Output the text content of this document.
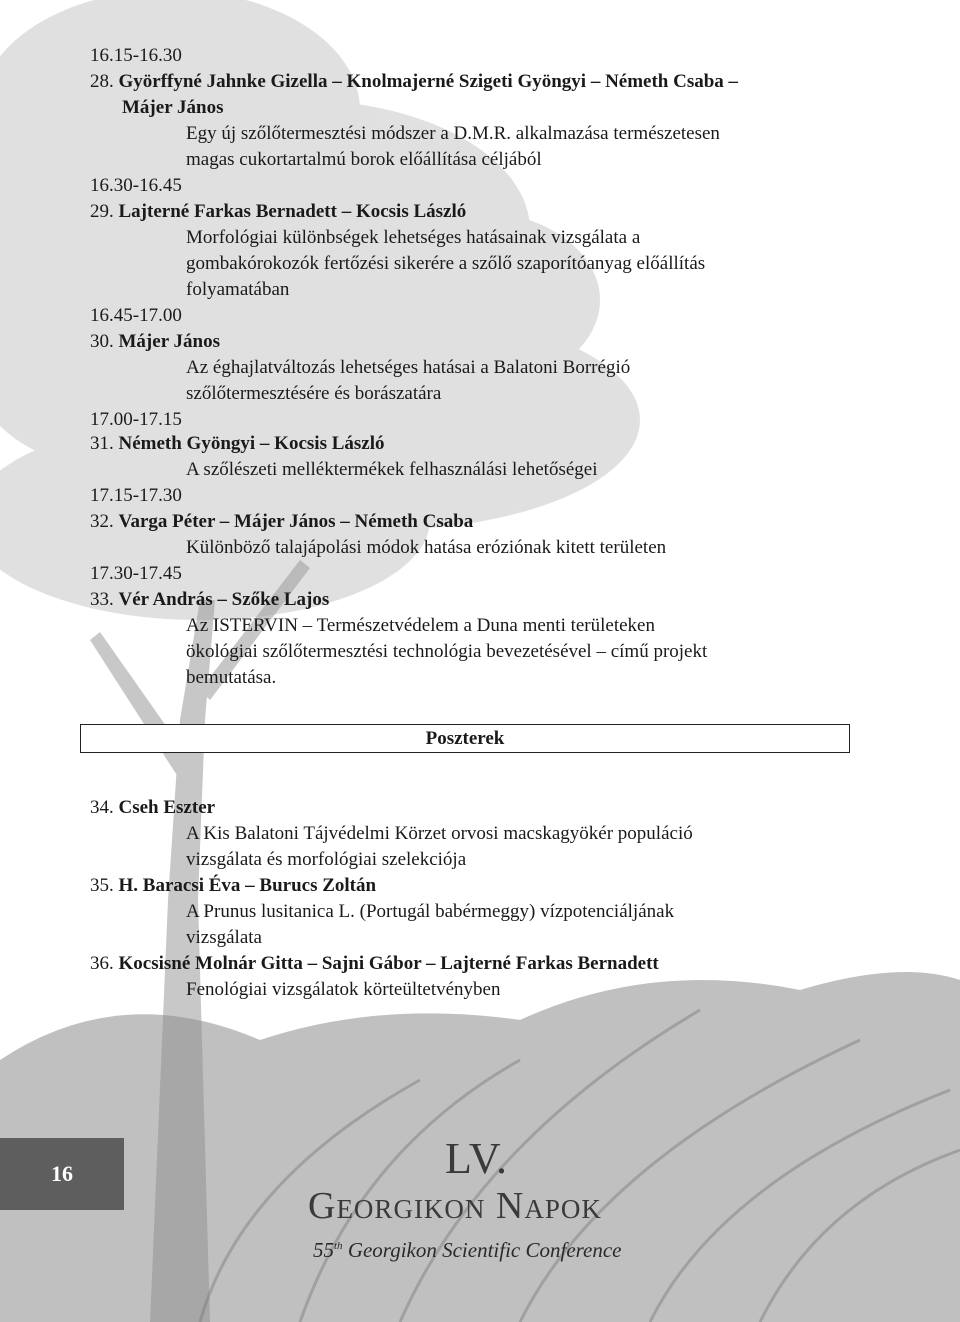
16.15-16.30
28. Györffyné Jahnke Gizella – Knolmajerné Szigeti Gyöngyi – Németh Csaba –
Májer János
Egy új szőlőtermesztési módszer a D.M.R. alkalmazása természetesen
magas cukortartalmú borok előállítása céljából
16.30-16.45
29. Lajterné Farkas Bernadett – Kocsis László
Morfológiai különbségek lehetséges hatásainak vizsgálata a
gombakórokozók fertőzési sikerére a szőlő szaporítóanyag előállítás
folyamatában
16.45-17.00
30. Májer János
Az éghajlatváltozás lehetséges hatásai a Balatoni Borrégió
szőlőtermesztésére és borászatára
17.00-17.15
31. Németh Gyöngyi – Kocsis László
A szőlészeti melléktermékek felhasználási lehetőségei
17.15-17.30
32. Varga Péter – Májer János – Németh Csaba
Különböző talajápolási módok hatása eróziónak kitett területen
17.30-17.45
33. Vér András – Szőke Lajos
Az ISTERVIN – Természetvédelem a Duna menti területeken
ökológiai szőlőtermesztési technológia bevezetésével – című projekt
bemutatása.
Poszterek
34. Cseh Eszter
A Kis Balatoni Tájvédelmi Körzet orvosi macskagyökér populáció
vizsgálata és morfológiai szelekciója
35. H. Baracsi Éva – Burucs Zoltán
A Prunus lusitanica L. (Portugál babérmeggy) vízpotenciáljának
vizsgálata
36. Kocsisné Molnár Gitta – Sajni Gábor – Lajterné Farkas Bernadett
Fenológiai vizsgálatok körteültetvényben
16	LV.
Georgikon Napok
55th Georgikon Scientific Conference
